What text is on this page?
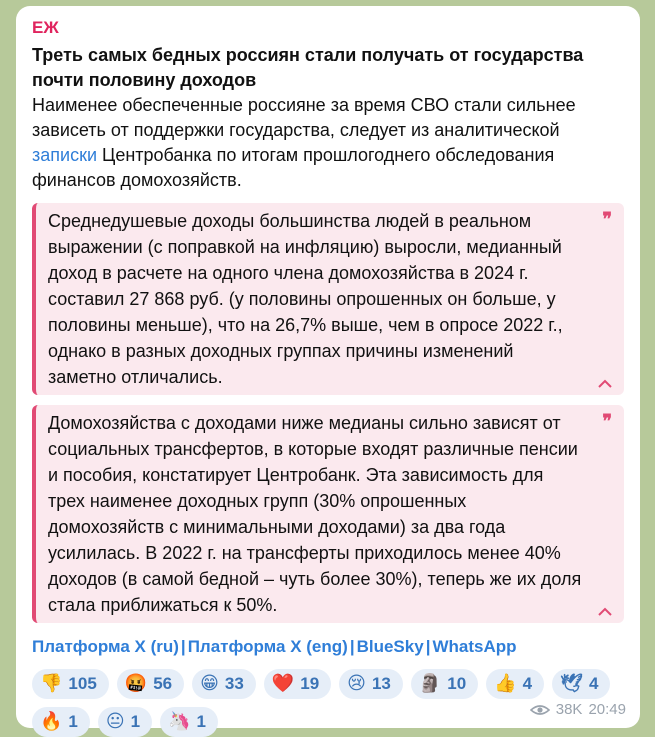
ЕЖ
Треть самых бедных россиян стали получать от государства почти половину доходов
Наименее обеспеченные россияне за время СВО стали сильнее зависеть от поддержки государства, следует из аналитической записки Центробанка по итогам прошлогоднего обследования финансов домохозяйств.
Среднедушевые доходы большинства людей в реальном выражении (с поправкой на инфляцию) выросли, медианный доход в расчете на одного члена домохозяйства в 2024 г. составил 27 868 руб. (у половины опрошенных он больше, у половины меньше), что на 26,7% выше, чем в опросе 2022 г., однако в разных доходных группах причины изменений заметно отличались.
❞
Домохозяйства с доходами ниже медианы сильно зависят от социальных трансфертов, в которые входят различные пенсии и пособия, констатирует Центробанк. Эта зависимость для трех наименее доходных групп (30% опрошенных домохозяйств с минимальными доходами) за два года усилилась. В 2022 г. на трансферты приходилось менее 40% доходов (в самой бедной – чуть более 30%), теперь же их доля стала приближаться к 50%.
❞
Платформа X (ru) | Платформа X (eng) | BlueSky | WhatsApp
👎 105 🤬 56 😁 33 ❤️ 19 😢 13 🗿 10 👍 4 🕊 4
🔥 1 😐 1 🦄 1
38K 20:49
